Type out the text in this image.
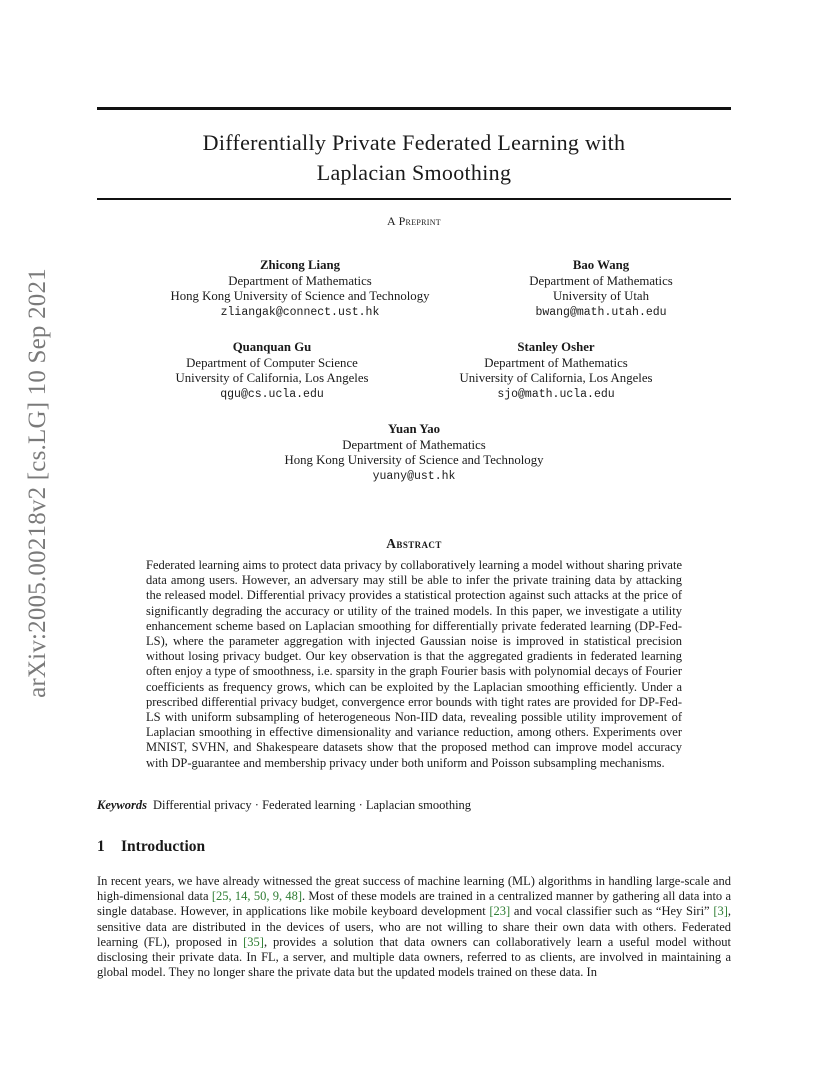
arXiv:2005.00218v2 [cs.LG] 10 Sep 2021
Differentially Private Federated Learning with
Laplacian Smoothing
A Preprint
Zhicong Liang
Department of Mathematics
Hong Kong University of Science and Technology
zliangak@connect.ust.hk
Bao Wang
Department of Mathematics
University of Utah
bwang@math.utah.edu
Quanquan Gu
Department of Computer Science
University of California, Los Angeles
qgu@cs.ucla.edu
Stanley Osher
Department of Mathematics
University of California, Los Angeles
sjo@math.ucla.edu
Yuan Yao
Department of Mathematics
Hong Kong University of Science and Technology
yuany@ust.hk
Abstract
Federated learning aims to protect data privacy by collaboratively learning a model without sharing private data among users. However, an adversary may still be able to infer the private training data by attacking the released model. Differential privacy provides a statistical protection against such attacks at the price of significantly degrading the accuracy or utility of the trained models. In this paper, we investigate a utility enhancement scheme based on Laplacian smoothing for differentially private federated learning (DP-Fed-LS), where the parameter aggregation with injected Gaussian noise is improved in statistical precision without losing privacy budget. Our key observation is that the aggregated gradients in federated learning often enjoy a type of smoothness, i.e. sparsity in the graph Fourier basis with polynomial decays of Fourier coefficients as frequency grows, which can be exploited by the Laplacian smoothing efficiently. Under a prescribed differential privacy budget, convergence error bounds with tight rates are provided for DP-Fed-LS with uniform subsampling of heterogeneous Non-IID data, revealing possible utility improvement of Laplacian smoothing in effective dimensionality and variance reduction, among others. Experiments over MNIST, SVHN, and Shakespeare datasets show that the proposed method can improve model accuracy with DP-guarantee and membership privacy under both uniform and Poisson subsampling mechanisms.
Keywords Differential privacy · Federated learning · Laplacian smoothing
1 Introduction
In recent years, we have already witnessed the great success of machine learning (ML) algorithms in handling large-scale and high-dimensional data [25, 14, 50, 9, 48]. Most of these models are trained in a centralized manner by gathering all data into a single database. However, in applications like mobile keyboard development [23] and vocal classifier such as “Hey Siri” [3], sensitive data are distributed in the devices of users, who are not willing to share their own data with others. Federated learning (FL), proposed in [35], provides a solution that data owners can collaboratively learn a useful model without disclosing their private data. In FL, a server, and multiple data owners, referred to as clients, are involved in maintaining a global model. They no longer share the private data but the updated models trained on these data. In
